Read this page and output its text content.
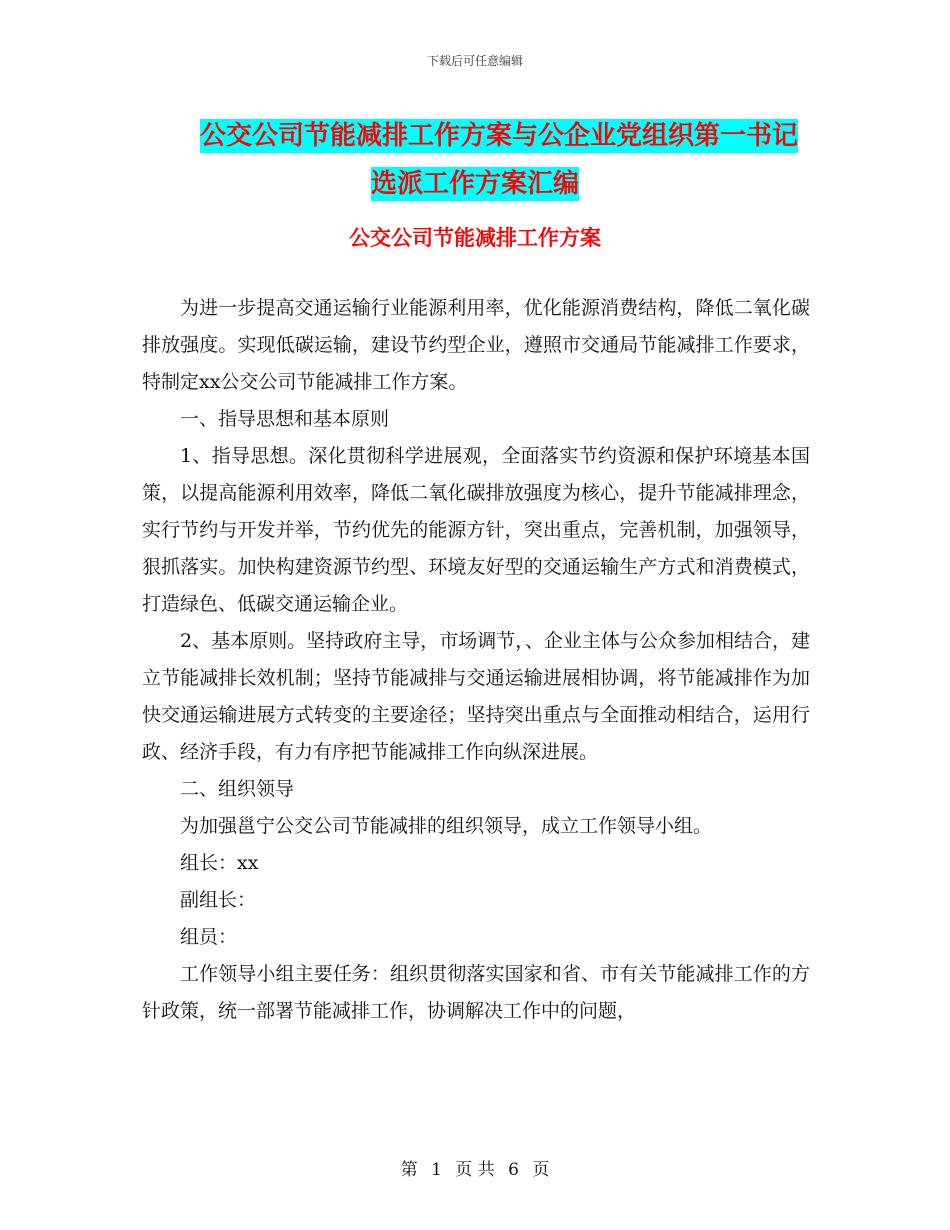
下载后可任意编辑
公交公司节能减排工作方案与公企业党组织第一书记
选派工作方案汇编
公交公司节能减排工作方案

为进一步提高交通运输行业能源利用率，优化能源消费结构，降低二氧化碳排放强度。实现低碳运输，建设节约型企业，遵照市交通局节能减排工作要求，特制定xx公交公司节能减排工作方案。

一、指导思想和基本原则

1、指导思想。深化贯彻科学进展观，全面落实节约资源和保护环境基本国策，以提高能源利用效率，降低二氧化碳排放强度为核心，提升节能减排理念，实行节约与开发并举，节约优先的能源方针，突出重点，完善机制，加强领导，狠抓落实。加快构建资源节约型、环境友好型的交通运输生产方式和消费模式，打造绿色、低碳交通运输企业。

2、基本原则。坚持政府主导，市场调节，、企业主体与公众参加相结合，建立节能减排长效机制；坚持节能减排与交通运输进展相协调，将节能减排作为加快交通运输进展方式转变的主要途径；坚持突出重点与全面推动相结合，运用行政、经济手段，有力有序把节能减排工作向纵深进展。

二、组织领导

为加强邕宁公交公司节能减排的组织领导，成立工作领导小组。

组长：xx

副组长：

组员：

工作领导小组主要任务：组织贯彻落实国家和省、市有关节能减排工作的方针政策，统一部署节能减排工作，协调解决工作中的问题，

第 1 页 共 6 页
